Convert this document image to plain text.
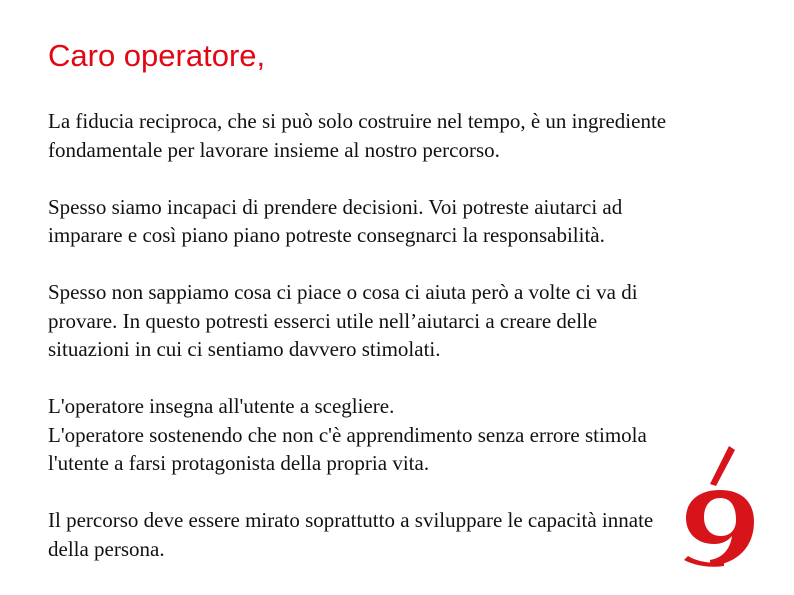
Caro operatore,

La fiducia reciproca, che si può solo costruire nel tempo, è un ingrediente
fondamentale per lavorare insieme al nostro percorso.

Spesso siamo incapaci di prendere decisioni. Voi potreste aiutarci ad
imparare e così piano piano potreste consegnarci la responsabilità.

Spesso non sappiamo cosa ci piace o cosa ci aiuta però a volte ci va di
provare. In questo potresti esserci utile nell’aiutarci a creare delle
situazioni in cui ci sentiamo davvero stimolati.

L'operatore insegna all'utente a scegliere.
L'operatore sostenendo che non c'è apprendimento senza errore stimola
l'utente a farsi protagonista della propria vita.

Il percorso deve essere mirato soprattutto a sviluppare le capacità innate
della persona.
